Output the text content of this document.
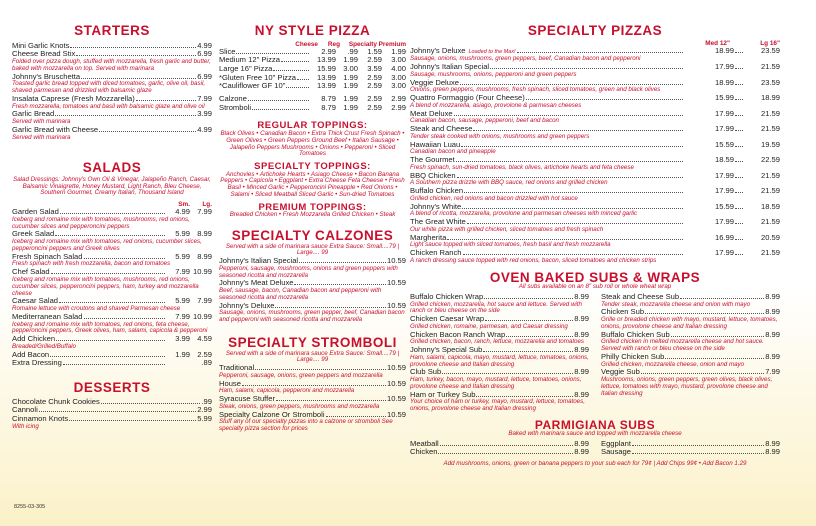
STARTERS
Mini Garlic Knots	4.99
Cheese Bread Stix	6.99
Folded over pizza dough, stuffed with mozzarella, fresh garlic and butter, baked with mozzarella on top. Served with marinara
Johnny's Bruschetta	6.99
Toasted garlic bread topped with diced tomatoes, garlic, olive oil, basil, shaved parmesan and drizzled with balsamic glaze
Insalata Caprese (Fresh Mozzarella)	7.99
Fresh mozzarella, tomatoes and basil with balsamic glaze and olive oil
Garlic Bread	3.99
Served with marinara
Garlic Bread with Cheese	4.99
Served with marinara
SALADS
Salad Dressings: Johnny's Own Oil & Vinegar, Jalapeño Ranch, Caesar, Balsamic Vinaigrette, Honey Mustard, Light Ranch, Bleu Cheese, Southern Gourmet, Creamy Italian, Thousand Island
Sm.	Lg.
Garden Salad	4.99 7.99
Iceberg and romaine mix with tomatoes, mushrooms, red onions, cucumber slices and pepperoncini peppers
Greek Salad	5.99 8.99
Iceberg and romaine mix with tomatoes, red onions, cucumber slices, pepperoncini peppers and Greek olives
Fresh Spinach Salad	5.99 8.99
Fresh spinach with fresh mozzarella, bacon and tomatoes
Chef Salad	7.99 10.99
Iceberg and romaine mix with tomatoes, mushrooms, red onions, cucumber slices, pepperoncini peppers, ham, turkey and mozzarella cheese
Caesar Salad	5.99 7.99
Romaine lettuce with croutons and shaved Parmesan cheese
Mediterranean Salad	7.99 10.99
Iceberg and romaine mix with tomatoes, red onions, feta cheese, pepperoncini peppers, Greek olives, ham, salami, capicola & pepperoni
Add Chicken	3.99 4.59
Breaded/Grilled/Buffalo
Add Bacon	1.99 2.59
Extra Dressing	.89
DESSERTS
Chocolate Chunk Cookies	.99
Cannoli	2.99
Cinnamon Knots	5.99
With icing
NY STYLE PIZZA
Cheese	Reg	Specialty Premium
Slice	2.99	.99	1.59	1.99
Medium 12" Pizza	13.99 1.99	2.59	3.00
Large 16" Pizza	15.99 3.00	3.59	4.00
*Gluten Free 10" Pizza	13.99 1.99	2.59	3.00
*Cauliflower GF 10"	13.99 1.99	2.59	3.00
Calzone	8.79 1.99	2.59	2.99
Stromboli	8.79 1.99	2.59	2.99
REGULAR TOPPINGS:
Black Olives • Canadian Bacon • Extra Thick Crust Fresh Spinach • Green Olives • Green Peppers Ground Beef • Italian Sausage • Jalapeño Peppers Mushrooms • Onions • Pepperoni • Sliced Tomatoes
SPECIALTY TOPPINGS:
Anchovies • Artichoke Hearts • Asiago Cheese • Bacon Banana Peppers • Capicola • Eggplant • Extra Cheese Feta Cheese • Fresh Basil • Minced Garlic • Pepperoncini Pineapple • Red Onions • Salami • Sliced Meatball Sliced Garlic • Sun-dried Tomatoes
PREMIUM TOPPINGS:
Breaded Chicken • Fresh Mozzarella Grilled Chicken • Steak
SPECIALTY CALZONES
Served with a side of marinara sauce Extra Sauce: Small....79 | Large.... 99
Johnny's Italian Special	10.59
Pepperoni, sausage, mushrooms, onions and green peppers with seasoned ricotta and mozzarella
Johnny's Meat Deluxe	10.59
Beef, sausage, bacon, Canadian bacon and pepperoni with seasoned ricotta and mozzarella
Johnny's Deluxe	10.59
Sausage, onions, mushrooms, green pepper, beef, Canadian bacon and pepperoni with seasoned ricotta and mozzarella
SPECIALTY STROMBOLI
Served with a side of marinara sauce Extra Sauce: Small....79 | Large.... 99
Traditional	10.59
Pepperoni, sausage, onions, green peppers and mozzarella
House	10.59
Ham, salami, capicola, pepperoni and mozzarella
Syracuse Stuffer	10.59
Steak, onions, green peppers, mushrooms and mozzarella
Specialty Calzone Or Stromboli	10.59
Stuff any of our specialty pizzas into a calzone or stromboli See specialty pizza section for prices
SPECIALTY PIZZAS
Med 12"	Lg 16"
Johnny's Deluxe Loaded to the Max!	18.99	23.59
Sausage, onions, mushrooms, green peppers, beef, Canadian bacon and pepperoni
Johnny's Italian Special	17.99	21.59
Sausage, mushrooms, onions, pepperoni and green peppers
Veggie Deluxe	18.99	23.59
Onions, green peppers, mushrooms, fresh spinach, sliced tomatoes, green and black olives
Quattro Formaggio (Four Cheese)	15.99	18.99
A blend of mozzarella, asiago, provolone & parmesan cheeses
Meat Deluxe	17.99	21.59
Canadian bacon, sausage, pepperoni, beef and bacon
Steak and Cheese	17.99	21.59
Tender steak cooked with onions, mushrooms and green peppers
Hawaiian Luau	15.59	19.59
Canadian bacon and pineapple
The Gourmet	18.59	22.59
Fresh spinach, sun-dried tomatoes, black olives, artichoke hearts and feta cheese
BBQ Chicken	17.99	21.59
A Southern pizza drizzle with BBQ sauce, red onions and grilled chicken
Buffalo Chicken	17.99	21.59
Grilled chicken, red onions and bacon drizzled with hot sauce
Johnny's White	15.59	18.59
A blend of ricotta, mozzarella, provolone and parmesan cheeses with minced garlic
The Great White	17.99	21.59
Our white pizza with grilled chicken, sliced tomatoes and fresh spinach
Margherita	16.99	20.59
Light sauce topped with sliced tomatoes, fresh basil and fresh mozzarella
Chicken Ranch	17.99	21.59
A ranch dressing sauce topped with red onions, bacon, sliced tomatoes and chicken strips
OVEN BAKED SUBS & WRAPS
All subs available on an 8" sub roll or whole wheat wrap
Buffalo Chicken Wrap	8.99
Grilled chicken, mozzarella, hot sauce and lettuce. Served with ranch or bleu cheese on the side
Chicken Caesar Wrap	8.99
Grilled chicken, romaine, parmesan, and Caesar dressing
Chicken Bacon Ranch Wrap	8.99
Grilled chicken, bacon, ranch, lettuce, mozzarella and tomatoes
Johnny's Special Sub	8.99
Ham, salami, capicola, mayo, mustard, lettuce, tomatoes, onions, provolone cheese and Italian dressing
Club Sub	8.99
Ham, turkey, bacon, mayo, mustard, lettuce, tomatoes, onions, provolone cheese and Italian dressing
Ham or Turkey Sub	8.99
Your choice of ham or turkey, mayo, mustard, lettuce, tomatoes, onions, provolone cheese and Italian dressing
Steak and Cheese Sub	8.99
Tender steak, mozzarella cheese and onion with mayo
Chicken Sub	8.99
Grille or breaded chicken with mayo, mustard, lettuce, tomatoes, onions, provolone cheese and Italian dressing
Buffalo Chicken Sub	8.99
Grilled chicken in melted mozzarella cheese and hot sauce. Served with ranch or bleu cheese on the side
Philly Chicken Sub	8.99
Grilled chicken, mozzarella cheese, onion and mayo
Veggie Sub	7.99
Mushrooms, onions, green peppers, green olives, black olives, lettuce, tomatoes with mayo, mustard, provolone cheese and Italian dressing
PARMIGIANA SUBS
Baked with marinara sauce and topped with mozzarella cheese
Meatball	8.99
Chicken	8.99
Eggplant	8.99
Sausage	8.99
Add mushrooms, onions, green or banana peppers to your sub each for 79¢ | Add Chips 99¢ • Add Bacon 1.29
8255-03-305
